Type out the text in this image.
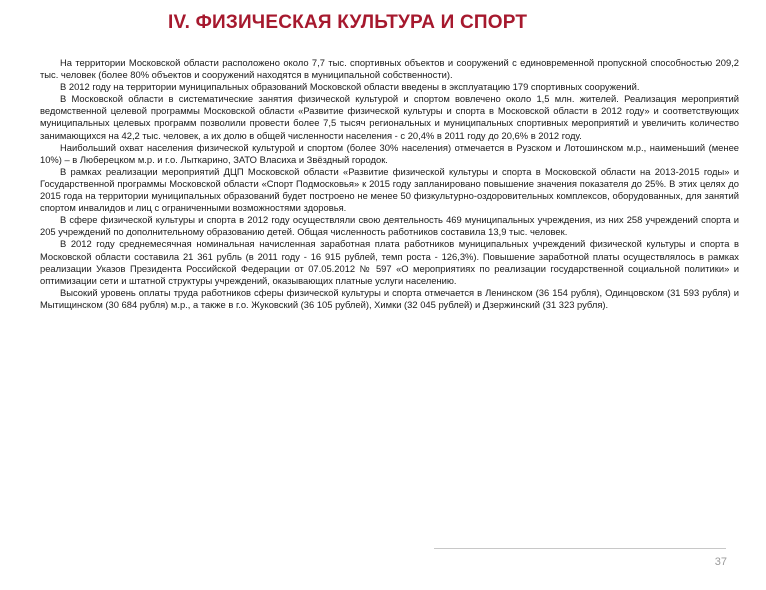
IV. ФИЗИЧЕСКАЯ КУЛЬТУРА И СПОРТ

На территории Московской области расположено около 7,7 тыс. спортивных объектов и сооружений с единовременной пропускной способностью 209,2 тыс. человек (более 80% объектов и сооружений находятся в муниципальной собственности).

В 2012 году на территории муниципальных образований Московской области введены в эксплуатацию 179 спортивных сооружений.

В Московской области в систематические занятия физической культурой и спортом вовлечено около 1,5 млн. жителей. Реализация мероприятий ведомственной целевой программы Московской области «Развитие физической культуры и спорта в Московской области в 2012 году» и соответствующих муниципальных целевых программ позволили провести более 7,5 тысяч региональных и муниципальных спортивных мероприятий и увеличить количество занимающихся на 42,2 тыс. человек, а их долю в общей численности населения - с 20,4% в 2011 году до 20,6% в 2012 году.

Наибольший охват населения физической культурой и спортом (более 30% населения) отмечается в Рузском и Лотошинском м.р., наименьший (менее 10%) – в Люберецком м.р. и г.о. Лыткарино, ЗАТО Власиха и Звёздный городок.

В рамках реализации мероприятий ДЦП Московской области «Развитие физической культуры и спорта в Московской области на 2013-2015 годы» и Государственной программы Московской области «Спорт Подмосковья» к 2015 году запланировано повышение значения показателя до 25%. В этих целях до 2015 года на территории муниципальных образований будет построено не менее 50 физкультурно-оздоровительных комплексов, оборудованных, для занятий спортом инвалидов и лиц с ограниченными возможностями здоровья.

В сфере физической культуры и спорта в 2012 году осуществляли свою деятельность 469 муниципальных учреждения, из них 258 учреждений спорта и 205 учреждений по дополнительному образованию детей. Общая численность работников составила 13,9 тыс. человек.

В 2012 году среднемесячная номинальная начисленная заработная плата работников муниципальных учреждений физической культуры и спорта в Московской области составила 21 361 рубль (в 2011 году - 16 915 рублей, темп роста - 126,3%). Повышение заработной платы осуществлялось в рамках реализации Указов Президента Российской Федерации от 07.05.2012 № 597 «О мероприятиях по реализации государственной социальной политики» и оптимизации сети и штатной структуры учреждений, оказывающих платные услуги населению.

Высокий уровень оплаты труда работников сферы физической культуры и спорта отмечается в Ленинском (36 154 рубля), Одинцовском (31 593 рубля) и Мытищинском (30 684 рубля) м.р., а также в г.о. Жуковский (36 105 рублей), Химки (32 045 рублей) и Дзержинский (31 323 рубля).

37
